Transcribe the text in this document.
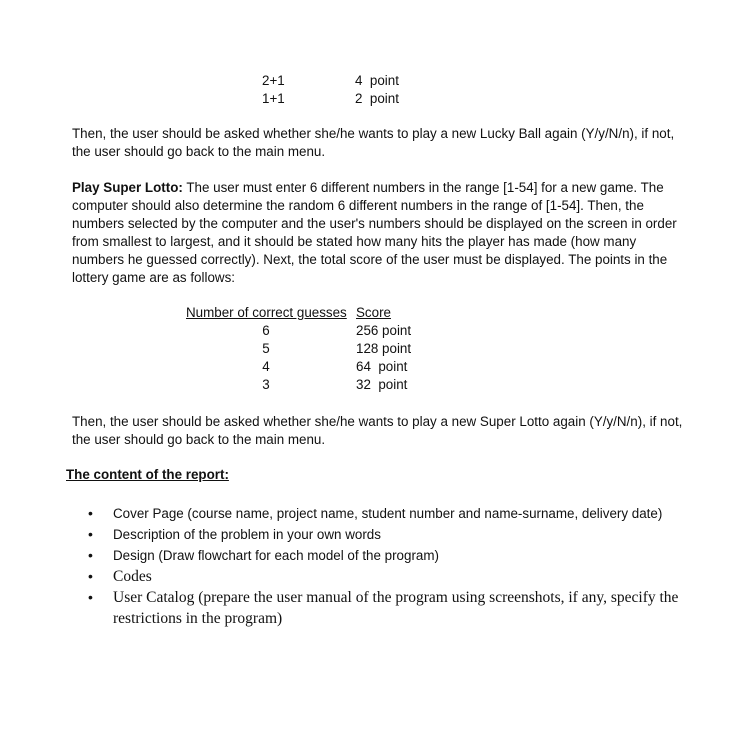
2+1	4  point
1+1	2  point
Then, the user should be asked whether she/he wants to play a new Lucky Ball again (Y/y/N/n), if not,
the user should go back to the main menu.
Play Super Lotto: The user must enter 6 different numbers in the range [1-54] for a new game. The
computer should also determine the random 6 different numbers in the range of [1-54]. Then, the
numbers selected by the computer and the user's numbers should be displayed on the screen in order
from smallest to largest, and it should be stated how many hits the player has made (how many
numbers he guessed correctly). Next, the total score of the user must be displayed. The points in the
lottery game are as follows:
Number of correct guesses Score
6	256 point
5	128 point
4	64  point
3	32  point
Then, the user should be asked whether she/he wants to play a new Super Lotto again (Y/y/N/n), if not,
the user should go back to the main menu.
The content of the report:
• Cover Page (course name, project name, student number and name-surname, delivery date)
• Description of the problem in your own words
• Design (Draw flowchart for each model of the program)
• Codes
• User Catalog (prepare the user manual of the program using screenshots, if any, specify the restrictions in the program)
